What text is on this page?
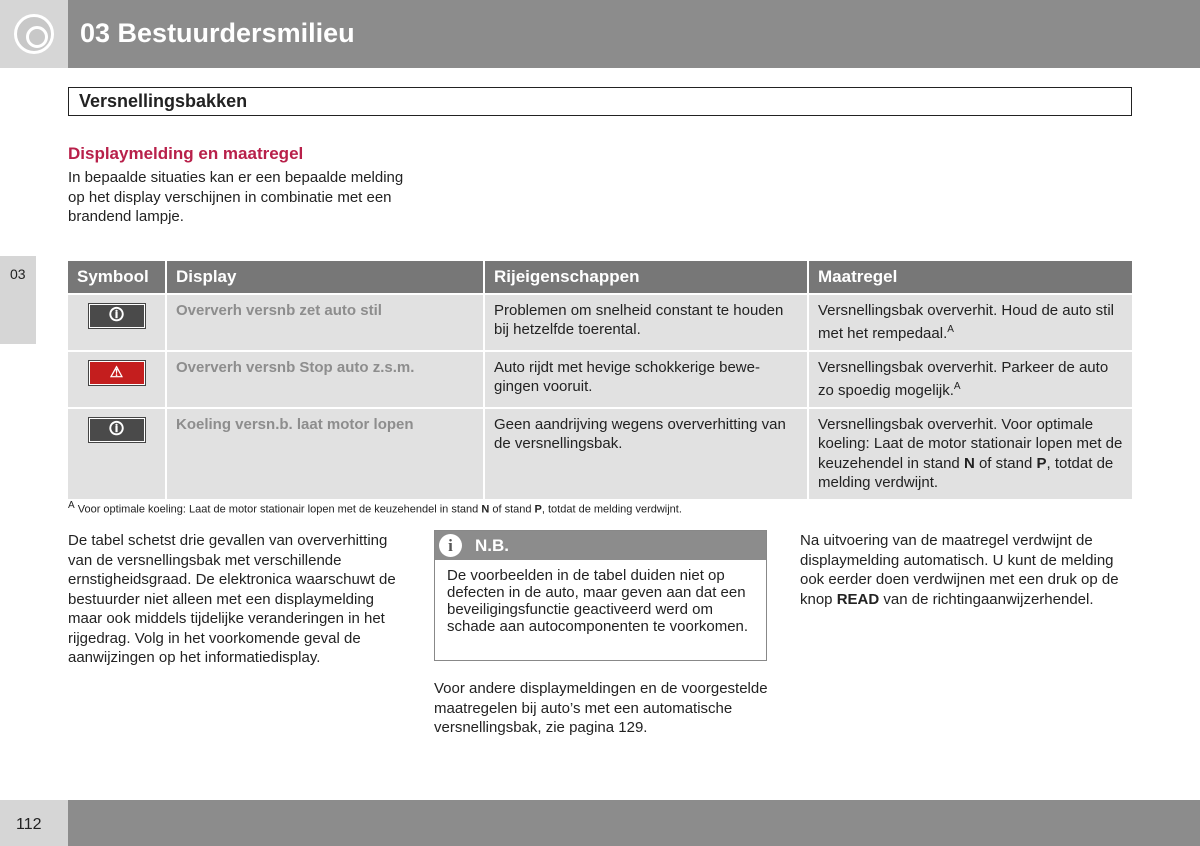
03 Bestuurdersmilieu
Versnellingsbakken
03
Displaymelding en maatregel
In bepaalde situaties kan er een bepaalde melding op het display verschijnen in combinatie met een brandend lampje.
Symbool	Display	Rijeigenschappen	Maatregel
🛈	Oververh versnb zet auto stil	Problemen om snelheid constant te houden bij hetzelfde toerental.	Versnellingsbak oververhit. Houd de auto stil met het rempedaal.$^A$
⚠	Oververh versnb Stop auto z.s.m.	Auto rijdt met hevige schokkerige bewegingen vooruit.	Versnellingsbak oververhit. Parkeer de auto zo spoedig mogelijk.$^A$
🛈	Koeling versn.b. laat motor lopen	Geen aandrijving wegens oververhitting van de versnellingsbak.	Versnellingsbak oververhit. Voor optimale koeling: Laat de motor stationair lopen met de keuzehendel in stand N of stand P, totdat de melding verdwijnt.
$^A$ Voor optimale koeling: Laat de motor stationair lopen met de keuzehendel in stand N of stand P, totdat de melding verdwijnt.
De tabel schetst drie gevallen van oververhitting van de versnellingsbak met verschillende ernstigheidsgraad. De elektronica waarschuwt de bestuurder niet alleen met een displaymelding maar ook middels tijdelijke veranderingen in het rijgedrag. Volg in het voorkomende geval de aanwijzingen op het informatiedisplay.
i	N.B.
De voorbeelden in de tabel duiden niet op defecten in de auto, maar geven aan dat een beveiligingsfunctie geactiveerd werd om schade aan autocomponenten te voorkomen.
Voor andere displaymeldingen en de voorgestelde maatregelen bij auto’s met een automatische versnellingsbak, zie pagina 129.
Na uitvoering van de maatregel verdwijnt de displaymelding automatisch. U kunt de melding ook eerder doen verdwijnen met een druk op de knop READ van de richtingaanwijzerhendel.
112
